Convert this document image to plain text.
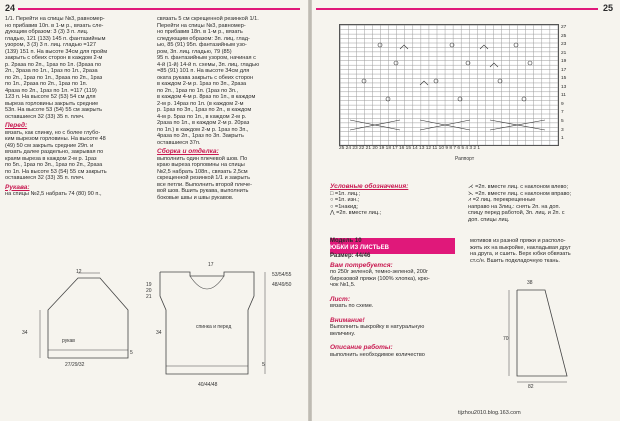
24
1/1. Перейти на спицы №3, равномер-
но прибавив 10п. в 1-м р., вязать сле-
дующим образом: 3 (3) 3 п. лиц.
гладью, 121 (133) 145 п. фантазийным
узором, 3 (3) 3 п. лиц. гладью =127
(139) 151 п. На высоте 34см для пройм
закрыть с обеих сторон в каждом 2-м
р. 2раза по 2п., 1раз по 1п. (3раза по
2п., 3раза по 1п., 1раз по 1п., 2раза
по 2п., 1раз по 1п., 3раза по 2п., 1раз
по 1п., 2раза по 2п., 1раз по 1п.
4раза по 2п., 1раз по 1п. =117 (119)
123 п. На высоте 52 (53) 54 см для
выреза горловины закрыть средние
53п. На высоте 53 (54) 55 см закрыть
оставшиеся 32 (33) 35 п. плеч.
Перед:
вязать, как спинку, но с более глубо-
ким вырезом горловины. На высоте 48
(49) 50 см закрыть средние 29п. и
вязать далее раздельно, закрывая по
краям выреза в каждом 2-м р. 1раз
по 5п., 1раз по 3п., 1раз по 2п., 2раза
по 1п. На высоте 53 (54) 55 см закрыть
оставшиеся 32 (33) 35 п. плеч.
Рукава:
на спицы №2,5 набрать 74 (80) 90 п.,
связать 5 см скрещенной резинкой 1/1.
Перейти на спицы №3, равномер-
но прибавив 18п. в 1-м р., вязать
следующим образом: 3п. лиц. глад-
ью, 85 (91) 95п. фантазийным узо-
ром, 3п. лиц. гладью, 79 (85)
95 п. фантазийным узором, начиная с
4-й (1-й) 14-й п. схемы, 3п. лиц. гладью
=85 (91) 101 п. На высоте 34см для
оката рукава закрыть с обеих сторон
в каждом 2-м р. 1раз по 3п., 2раза
по 2п., 1раз по 1п. (1раз по 3п.,
в каждом 4-м р. 8раз по 1п., в каждом
2-м р. 14раз по 1п. (в каждом 2-м
р. 1раз по 3п., 1раз по 2п., в каждом
4-м р. 5раз по 1п., в каждом 2-м р.
2раза по 1п., в каждом 2-м р. 20раз
по 1п.) в каждом 2-м р. 1раз по 3п.,
4раза по 2п., 1раз по 3п. Закрыть
оставшиеся 37п.
Сборка и отделка:
выполнить один плечевой шов. По
краю выреза горловины на спицы
№2,5 набрать 108п., связать 2,5см
скрещенной резинкой 1/1 и закрыть
все петли. Выполнить второй плече-
вой шов. Вшить рукава, выполнить
боковые швы и швы рукавов.
12
рукав
34
5
27/29/32
17
19
20
21
53/54/55
48/49/50
спинка и перед
34
5
40/44/48
25
27
25
23
21
19
17
15
13
11
9
7
5
3
1
25 24 23 22 21 20 19 18 17 16 15 14 13 12 11 10 9 8 7 6 5 4 3 2 1
Раппорт
Условные обозначения:
□ =1п. лиц.;
○ =1п. изн.;
○ =1накид;
⋀ =2п. вместе лиц.;
⋌ =2п. вместе лиц. с наклоном влево;
⋋ =2п. вместе лиц. с наклоном вправо;
⩘ =2 лиц. перекрещенные
направо на 3лиц.: снять 2п. на доп.
спицу перед работой, 3п. лиц. и 2п. с
доп. спицы лиц.
Модель 10
ЮБКИ ИЗ ЛИСТЬЕВ
Размер: 44/46
Вам потребуется:
по 250г зеленой, темно-зеленой, 200г
бирюзовой пряжи (100% хлопка), крю-
чок №1,5.
Лист:
вязать по схеме.
Внимание!
Выполнить выкройку в натуральную
величину.
Описание работы:
выполнить необходимое количество
мотивов из разной пряжи и располо-
жить их на выкройке, накладывая друг
на друга, и сшить. Верх юбки обвязать
ст.с/н. Вшить подкладочную ткань.
38
70
82
tijzhou2010.blog.163.com
